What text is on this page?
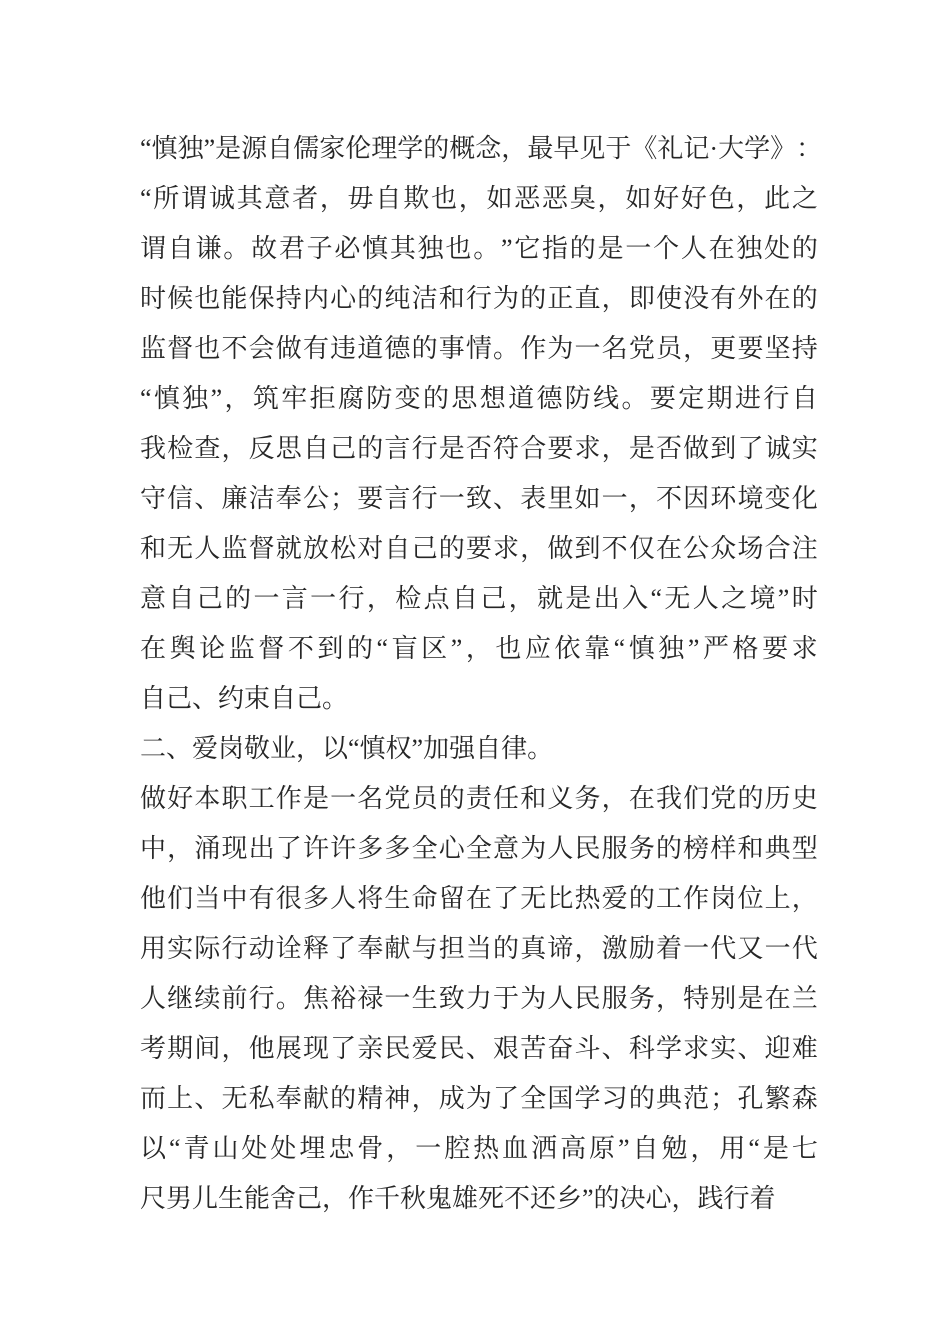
“ 慎 独 ” 是 源 自 儒 家 伦 理 学 的 概 念 ， 最 早 见 于 《 礼 记 · 大 学 》 ：
“ 所 谓 诚 其 意 者 ， 毋 自 欺 也 ， 如 恶 恶 臭 ， 如 好 好 色 ， 此 之
谓 自 谦 。 故 君 子 必 慎 其 独 也 。 ” 它 指 的 是 一 个 人 在 独 处 的
时 候 也 能 保 持 内 心 的 纯 洁 和 行 为 的 正 直 ， 即 使 没 有 外 在 的
监 督 也 不 会 做 有 违 道 德 的 事 情 。 作 为 一 名 党 员 ， 更 要 坚 持
“ 慎 独 ” ， 筑 牢 拒 腐 防 变 的 思 想 道 德 防 线 。 要 定 期 进 行 自
我 检 查 ， 反 思 自 己 的 言 行 是 否 符 合 要 求 ， 是 否 做 到 了 诚 实
守 信 、 廉 洁 奉 公 ； 要 言 行 一 致 、 表 里 如 一 ， 不 因 环 境 变 化
和 无 人 监 督 就 放 松 对 自 己 的 要 求 ， 做 到 不 仅 在 公 众 场 合 注
意 自 己 的 一 言 一 行 ， 检 点 自 己 ， 就 是 出 入 “ 无 人 之 境 ” 时
在 舆 论 监 督 不 到 的 “ 盲 区 ” ， 也 应 依 靠 “ 慎 独 ” 严 格 要 求
自己、约束自己。
二、爱岗敬业，以“慎权”加强自律。
做 好 本 职 工 作 是 一 名 党 员 的 责 任 和 义 务 ， 在 我 们 党 的 历 史
中 ， 涌 现 出 了 许 许 多 多 全 心 全 意 为 人 民 服 务 的 榜 样 和 典 型
他 们 当 中 有 很 多 人 将 生 命 留 在 了 无 比 热 爱 的 工 作 岗 位 上 ，
用 实 际 行 动 诠 释 了 奉 献 与 担 当 的 真 谛 ， 激 励 着 一 代 又 一 代
人 继 续 前 行 。 焦 裕 禄 一 生 致 力 于 为 人 民 服 务 ， 特 别 是 在 兰
考 期 间 ， 他 展 现 了 亲 民 爱 民 、 艰 苦 奋 斗 、 科 学 求 实 、 迎 难
而 上 、 无 私 奉 献 的 精 神 ， 成 为 了 全 国 学 习 的 典 范 ； 孔 繁 森
以 “ 青 山 处 处 埋 忠 骨 ， 一 腔 热 血 洒 高 原 ” 自 勉 ， 用 “ 是 七
尺男儿生能舍己，作千秋鬼雄死不还乡”的决心，践行着
